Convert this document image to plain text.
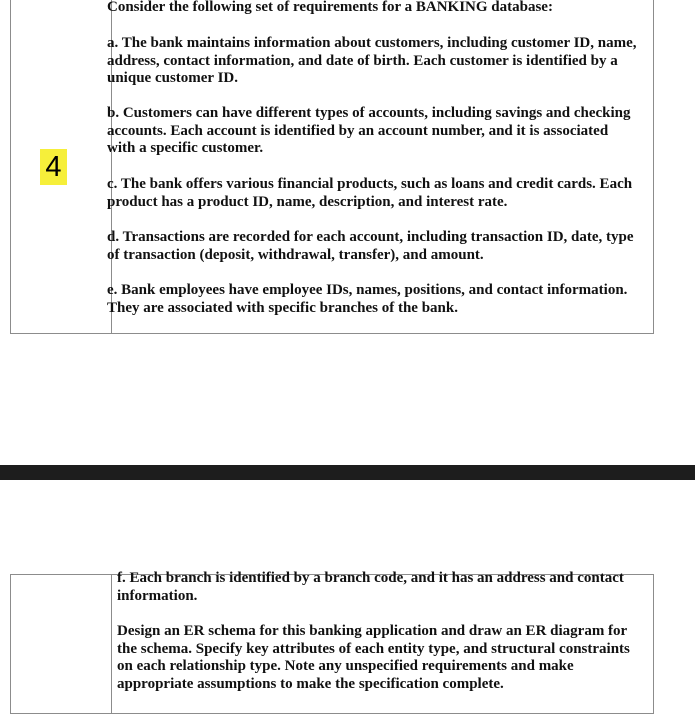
4

Consider the following set of requirements for a BANKING database:

a. The bank maintains information about customers, including customer ID, name, address, contact information, and date of birth. Each customer is identified by a unique customer ID.

b. Customers can have different types of accounts, including savings and checking accounts. Each account is identified by an account number, and it is associated with a specific customer.

c. The bank offers various financial products, such as loans and credit cards. Each product has a product ID, name, description, and interest rate.

d. Transactions are recorded for each account, including transaction ID, date, type of transaction (deposit, withdrawal, transfer), and amount.

e. Bank employees have employee IDs, names, positions, and contact information. They are associated with specific branches of the bank.

f. Each branch is identified by a branch code, and it has an address and contact information.

Design an ER schema for this banking application and draw an ER diagram for the schema. Specify key attributes of each entity type, and structural constraints on each relationship type. Note any unspecified requirements and make appropriate assumptions to make the specification complete.
